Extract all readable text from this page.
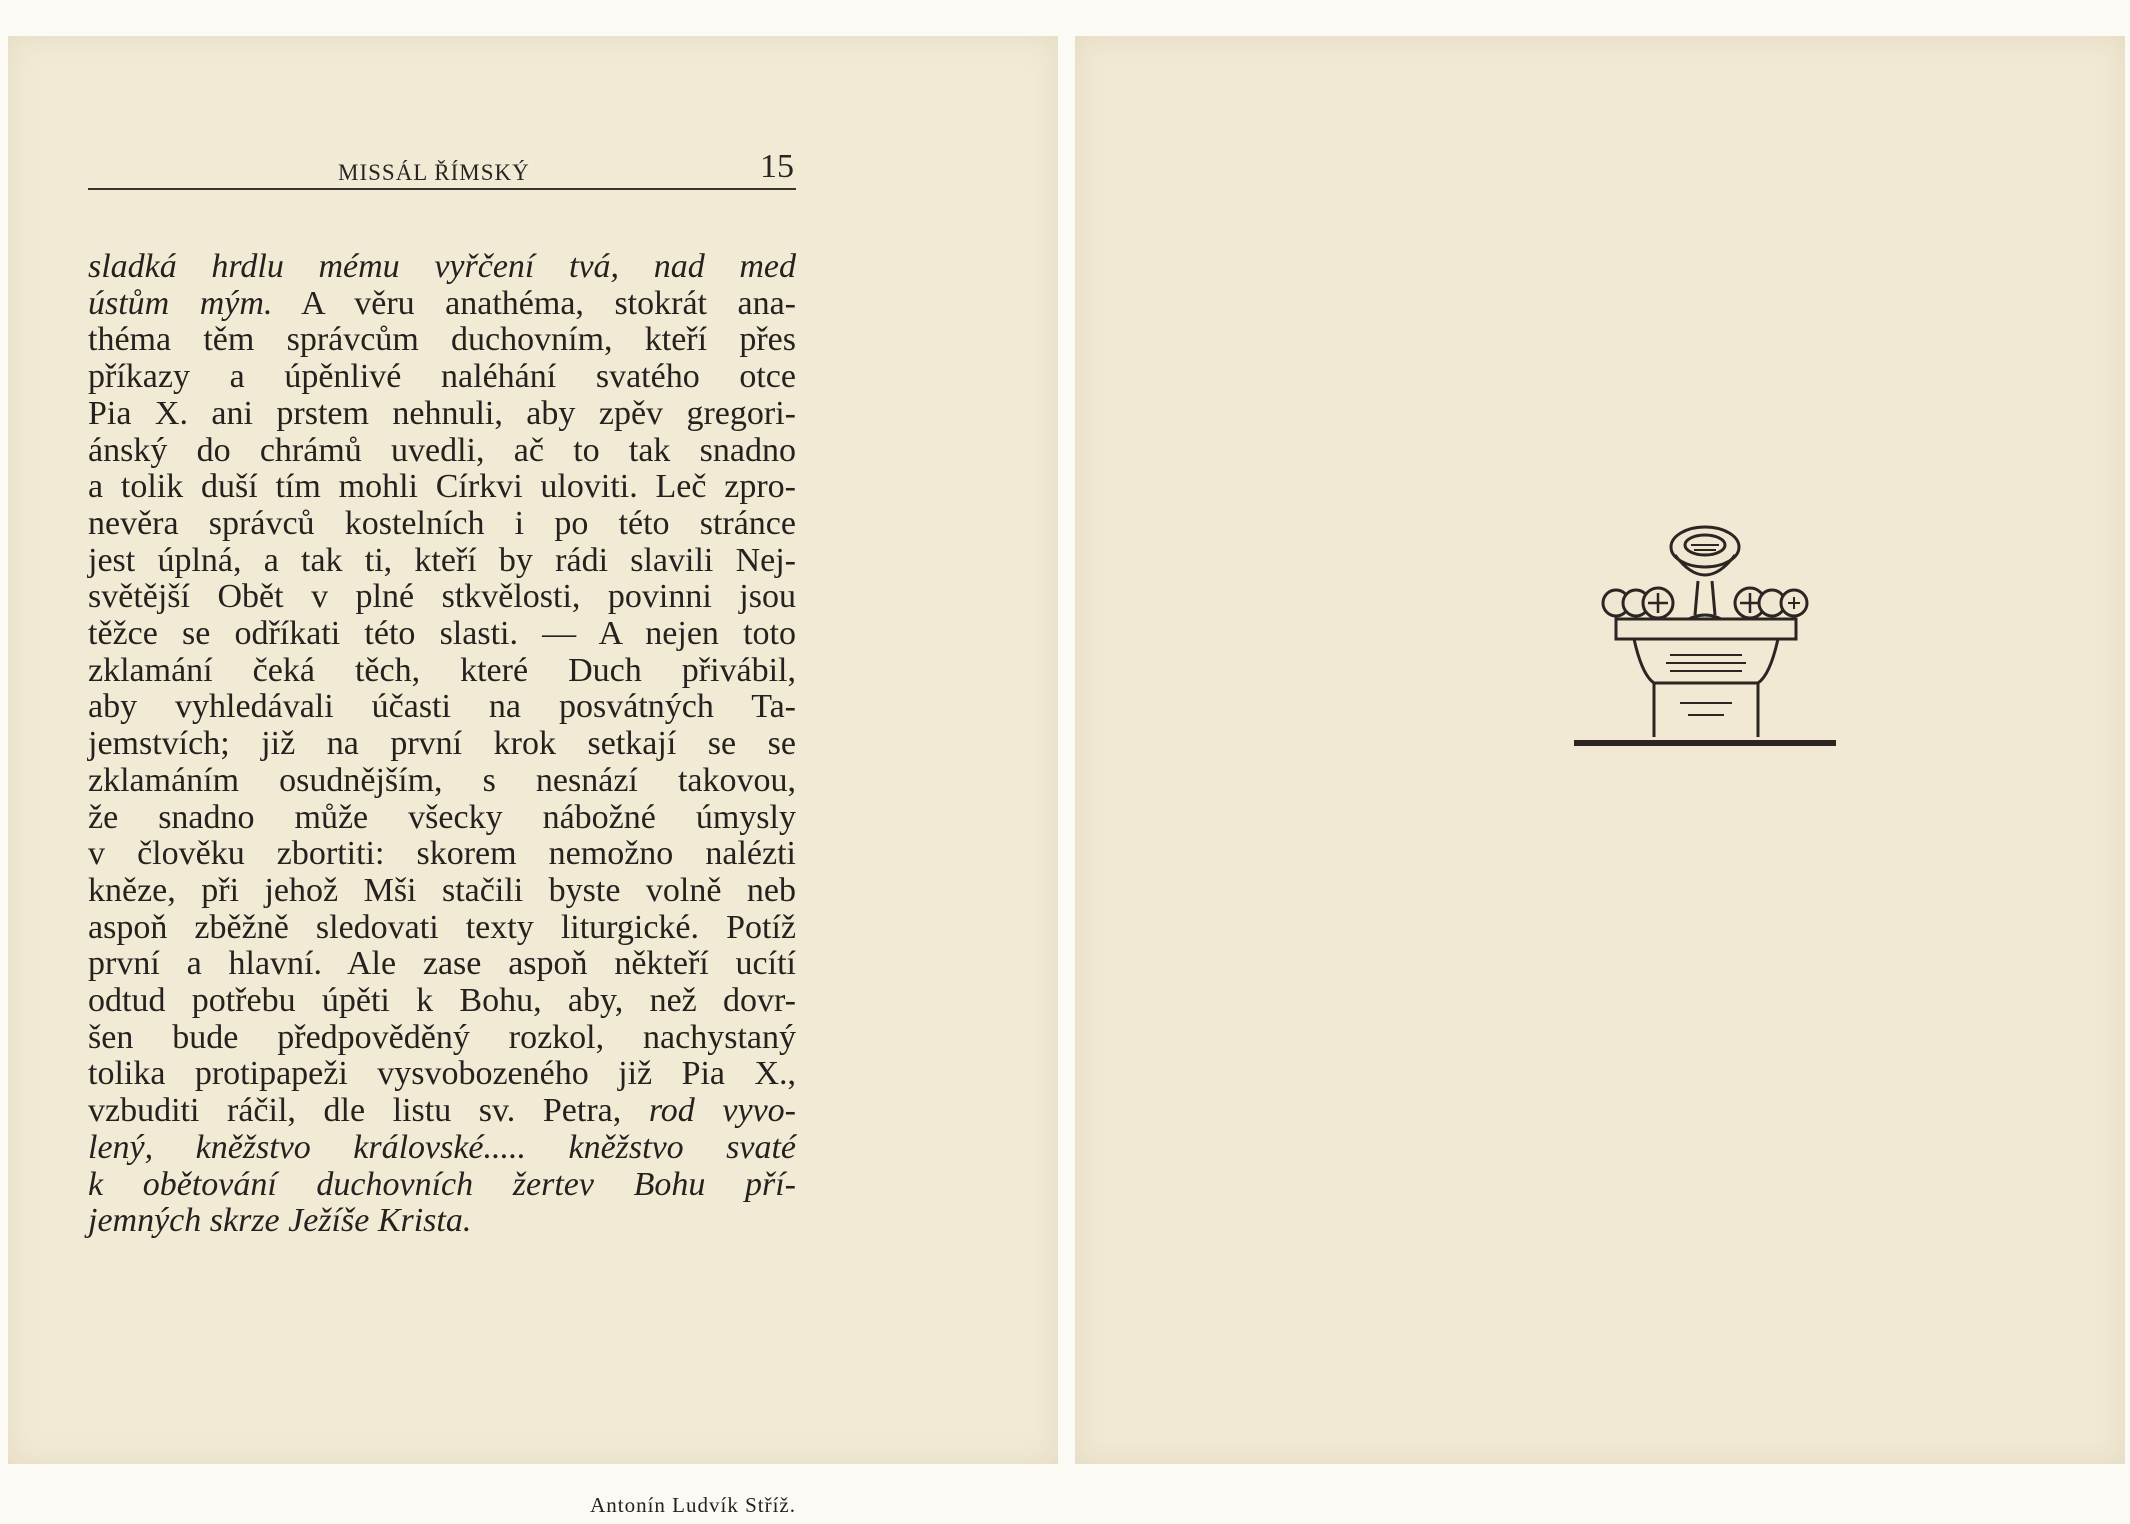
MISSÁL ŘÍMSKÝ	15
sladká hrdlu mému vyřčení tvá, nad med
ústům mým. A věru anathéma, stokrát ana-
théma těm správcům duchovním, kteří přes
příkazy a úpěnlivé naléhání svatého otce
Pia X. ani prstem nehnuli, aby zpěv gregori-
ánský do chrámů uvedli, ač to tak snadno
a tolik duší tím mohli Církvi uloviti. Leč zpro-
nevěra správců kostelních i po této stránce
jest úplná, a tak ti, kteří by rádi slavili Nej-
světější Obět v plné stkvělosti, povinni jsou
těžce se odříkati této slasti. — A nejen toto
zklamání čeká těch, které Duch přivábil,
aby vyhledávali účasti na posvátných Ta-
jemstvích; již na první krok setkají se se
zklamáním osudnějším, s nesnází takovou,
že snadno může všecky nábožné úmysly
v člověku zbortiti: skorem nemožno nalézti
kněze, při jehož Mši stačili byste volně neb
aspoň zběžně sledovati texty liturgické. Potíž
první a hlavní. Ale zase aspoň někteří ucítí
odtud potřebu úpěti k Bohu, aby, než dovr-
šen bude předpověděný rozkol, nachystaný
tolika protipapeži vysvobozeného již Pia X.,
vzbuditi ráčil, dle listu sv. Petra, rod vyvo-
lený, kněžstvo královské..... kněžstvo svaté
k obětování duchovních žertev Bohu pří-
jemných skrze Ježíše Krista.
Antonín Ludvík Stříž.
